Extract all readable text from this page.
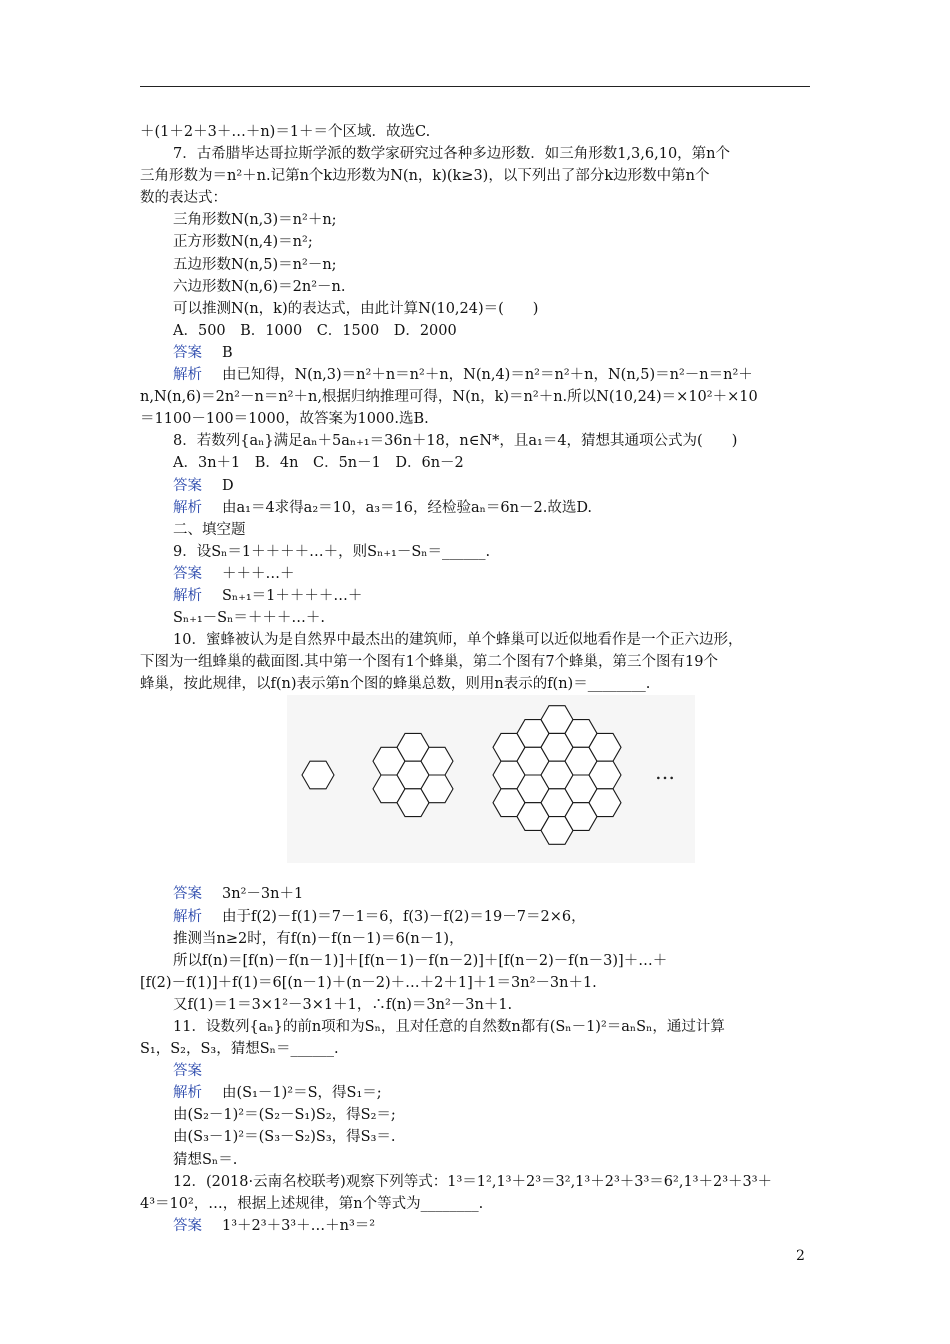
＋(1＋2＋3＋…＋n)＝1＋＝个区域．故选C.
7．古希腊毕达哥拉斯学派的数学家研究过各种多边形数．如三角形数1,3,6,10，第n个
三角形数为＝n²＋n.记第n个k边形数为N(n，k)(k≥3)，以下列出了部分k边形数中第n个
数的表达式：
三角形数N(n,3)＝n²＋n;
正方形数N(n,4)＝n²;
五边形数N(n,5)＝n²－n;
六边形数N(n,6)＝2n²－n.
可以推测N(n，k)的表达式，由此计算N(10,24)＝(　　)
A．500　B．1000　C．1500　D．2000
答案 B
解析 由已知得，N(n,3)＝n²＋n＝n²＋n，N(n,4)＝n²＝n²＋n，N(n,5)＝n²－n＝n²＋
n,N(n,6)＝2n²－n＝n²＋n,根据归纳推理可得，N(n，k)＝n²＋n.所以N(10,24)＝×10²＋×10
＝1100－100＝1000，故答案为1000.选B.
8．若数列{aₙ}满足aₙ＋5aₙ₊₁＝36n＋18，n∈N*，且a₁＝4，猜想其通项公式为(　　)
A．3n＋1　B．4n　C．5n－1　D．6n－2
答案 D
解析 由a₁＝4求得a₂＝10，a₃＝16，经检验aₙ＝6n－2.故选D.
二、填空题
9．设Sₙ＝1＋＋＋＋…＋，则Sₙ₊₁－Sₙ＝______.
答案 ＋＋＋…＋
解析 Sₙ₊₁＝1＋＋＋＋…＋
Sₙ₊₁－Sₙ＝＋＋＋…＋.
10．蜜蜂被认为是自然界中最杰出的建筑师，单个蜂巢可以近似地看作是一个正六边形，
下图为一组蜂巢的截面图.其中第一个图有1个蜂巢，第二个图有7个蜂巢，第三个图有19个
蜂巢，按此规律，以f(n)表示第n个图的蜂巢总数，则用n表示的f(n)＝________.
答案 3n²－3n＋1
解析 由于f(2)－f(1)＝7－1＝6，f(3)－f(2)＝19－7＝2×6，
推测当n≥2时，有f(n)－f(n－1)＝6(n－1)，
所以f(n)＝[f(n)－f(n－1)]＋[f(n－1)－f(n－2)]＋[f(n－2)－f(n－3)]＋…＋
[f(2)－f(1)]＋f(1)＝6[(n－1)＋(n－2)＋…＋2＋1]＋1＝3n²－3n＋1.
又f(1)＝1＝3×1²－3×1＋1，∴f(n)＝3n²－3n＋1.
11．设数列{aₙ}的前n项和为Sₙ，且对任意的自然数n都有(Sₙ－1)²＝aₙSₙ，通过计算
S₁，S₂，S₃，猜想Sₙ＝______.
答案
解析 由(S₁－1)²＝S，得S₁＝;
由(S₂－1)²＝(S₂－S₁)S₂，得S₂＝;
由(S₃－1)²＝(S₃－S₂)S₃，得S₃＝.
猜想Sₙ＝.
12．(2018·云南名校联考)观察下列等式：1³＝1²,1³＋2³＝3²,1³＋2³＋3³＝6²,1³＋2³＋3³＋
4³＝10²，…，根据上述规律，第n个等式为________.
答案 1³＋2³＋3³＋…＋n³＝²
…
2
